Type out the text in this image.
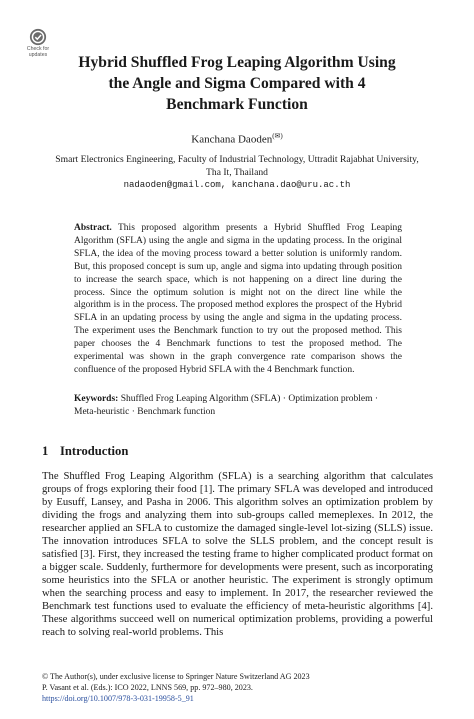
Check for
updates	Hybrid Shuffled Frog Leaping Algorithm Using
the Angle and Sigma Compared with 4
Benchmark Function
Kanchana Daoden(✉)
Smart Electronics Engineering, Faculty of Industrial Technology, Uttradit Rajabhat University,
Tha It, Thailand
nadaoden@gmail.com, kanchana.dao@uru.ac.th

Abstract. This proposed algorithm presents a Hybrid Shuffled Frog Leaping Algorithm (SFLA) using the angle and sigma in the updating process. In the original SFLA, the idea of the moving process toward a better solution is uniformly random. But, this proposed concept is sum up, angle and sigma into updating through position to increase the search space, which is not happening on a direct line during the process. Since the optimum solution is might not on the direct line while the algorithm is in the process. The proposed method explores the prospect of the Hybrid SFLA in an updating process by using the angle and sigma in the updating process. The experiment uses the Benchmark function to try out the proposed method. This paper chooses the 4 Benchmark functions to test the proposed method. The experimental was shown in the graph convergence rate comparison shows the confluence of the proposed Hybrid SFLA with the 4 Benchmark function.

Keywords: Shuffled Frog Leaping Algorithm (SFLA) · Optimization problem · Meta-heuristic · Benchmark function

1 Introduction

The Shuffled Frog Leaping Algorithm (SFLA) is a searching algorithm that calculates groups of frogs exploring their food [1]. The primary SFLA was developed and introduced by Eusuff, Lansey, and Pasha in 2006. This algorithm solves an optimization problem by dividing the frogs and analyzing them into sub-groups called memeplexes. In 2012, the researcher applied an SFLA to customize the damaged single-level lot-sizing (SLLS) issue. The innovation introduces SFLA to solve the SLLS problem, and the concept result is satisfied [3]. First, they increased the testing frame to higher complicated product format on a bigger scale. Suddenly, furthermore for developments were present, such as incorporating some heuristics into the SFLA or another heuristic. The experiment is strongly optimum when the searching process and easy to implement. In 2017, the researcher reviewed the Benchmark test functions used to evaluate the efficiency of meta-heuristic algorithms [4]. These algorithms succeed well on numerical optimization problems, providing a powerful reach to solving real-world problems. This

© The Author(s), under exclusive license to Springer Nature Switzerland AG 2023
P. Vasant et al. (Eds.): ICO 2022, LNNS 569, pp. 972–980, 2023.
https://doi.org/10.1007/978-3-031-19958-5_91
